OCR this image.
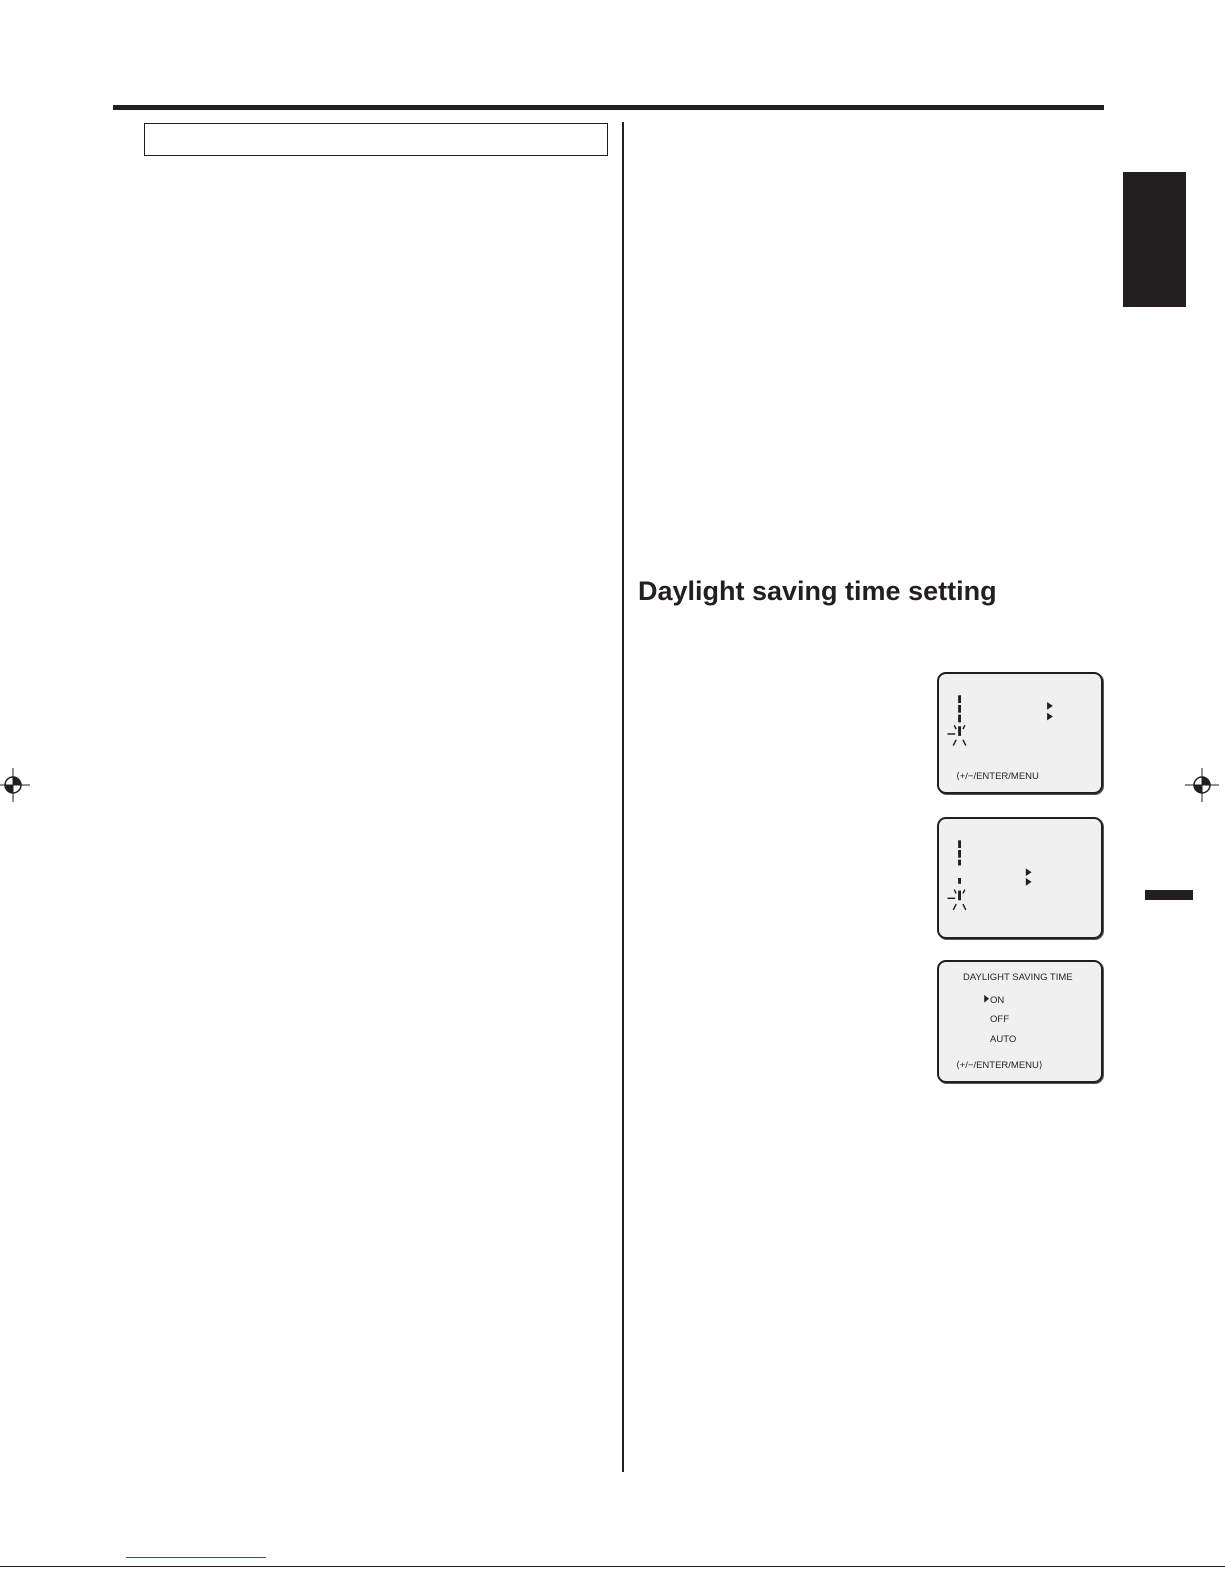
Daylight saving time setting
⟨+/−/ENTER/MENU
DAYLIGHT SAVING TIME
ON
OFF
AUTO
⟨+/−/ENTER/MENU⟩
